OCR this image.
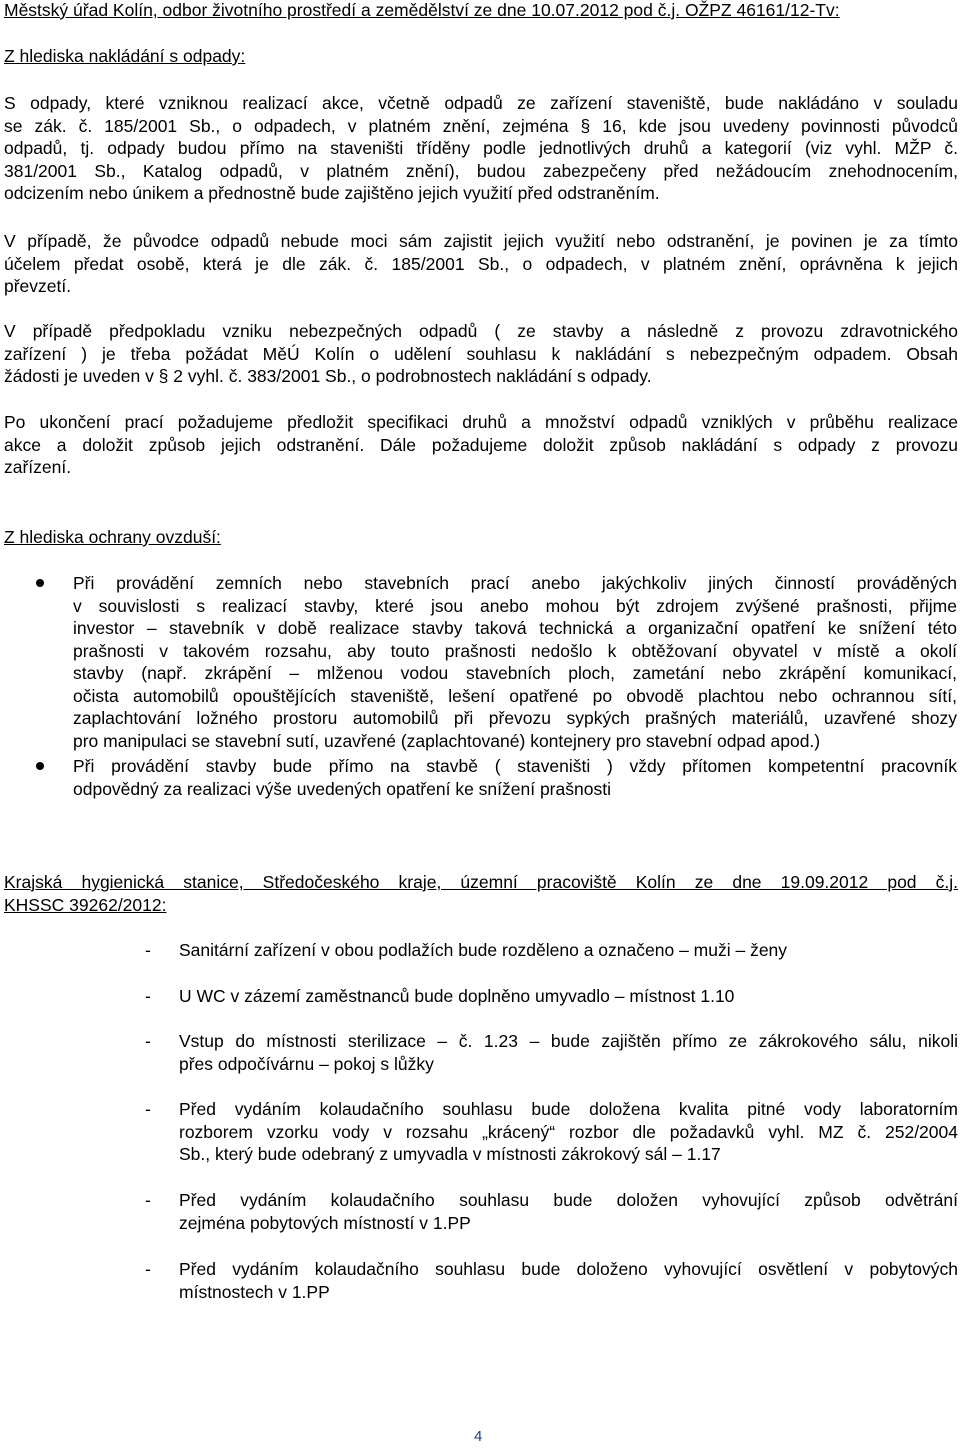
Městský úřad Kolín, odbor životního prostředí a zemědělství ze dne 10.07.2012 pod č.j. OŽPZ 46161/12-Tv:
Z hlediska nakládání s odpady:
S odpady, které vzniknou realizací akce, včetně odpadů ze zařízení staveniště, bude nakládáno v souladu
se zák. č. 185/2001 Sb., o odpadech, v platném znění, zejména § 16, kde jsou uvedeny povinnosti původců
odpadů, tj. odpady budou přímo na staveništi tříděny podle jednotlivých druhů a kategorií (viz vyhl. MŽP č.
381/2001 Sb., Katalog odpadů, v platném znění), budou zabezpečeny před nežádoucím znehodnocením,
odcizením nebo únikem a přednostně bude zajištěno jejich využití před odstraněním.
V případě, že původce odpadů nebude moci sám zajistit jejich využití nebo odstranění, je povinen je za tímto
účelem předat osobě, která je dle zák. č. 185/2001 Sb., o odpadech, v platném znění, oprávněna k jejich
převzetí.
V případě předpokladu vzniku nebezpečných odpadů ( ze stavby a následně z provozu zdravotnického
zařízení ) je třeba požádat MěÚ Kolín o udělení souhlasu k nakládání s nebezpečným odpadem. Obsah
žádosti je uveden v § 2 vyhl. č. 383/2001 Sb., o podrobnostech nakládání s odpady.
Po ukončení prací požadujeme předložit specifikaci druhů a množství odpadů vzniklých v průběhu realizace
akce a doložit způsob jejich odstranění. Dále požadujeme doložit způsob nakládání s odpady z provozu
zařízení.
Z hlediska ochrany ovzduší:
Při provádění zemních nebo stavebních prací anebo jakýchkoliv jiných činností prováděných
v souvislosti s realizací stavby, které jsou anebo mohou být zdrojem zvýšené prašnosti, přijme
investor – stavebník v době realizace stavby taková technická a organizační opatření ke snížení této
prašnosti v takovém rozsahu, aby touto prašnosti nedošlo k obtěžovaní obyvatel v místě a okolí
stavby (např. zkrápění – mlženou vodou stavebních ploch, zametání nebo zkrápění komunikací,
očista automobilů opouštějících staveniště, lešení opatřené po obvodě plachtou nebo ochrannou sítí,
zaplachtování ložného prostoru automobilů při převozu sypkých prašných materiálů, uzavřené shozy
pro manipulaci se stavební sutí, uzavřené (zaplachtované) kontejnery pro stavební odpad apod.)
Při provádění stavby bude přímo na stavbě ( staveništi ) vždy přítomen kompetentní pracovník
odpovědný za realizaci výše uvedených opatření ke snížení prašnosti
Krajská hygienická stanice, Středočeského kraje, územní pracoviště Kolín ze dne 19.09.2012 pod č.j.
KHSSC 39262/2012:
- Sanitární zařízení v obou podlažích bude rozděleno a označeno – muži – ženy
- U WC v zázemí zaměstnanců bude doplněno umyvadlo – místnost 1.10
- Vstup do místnosti sterilizace – č. 1.23 – bude zajištěn přímo ze zákrokového sálu, nikoli
přes odpočívárnu – pokoj s lůžky
- Před vydáním kolaudačního souhlasu bude doložena kvalita pitné vody laboratorním
rozborem vzorku vody v rozsahu „krácený“ rozbor dle požadavků vyhl. MZ č. 252/2004
Sb., který bude odebraný z umyvadla v místnosti zákrokový sál – 1.17
- Před vydáním kolaudačního souhlasu bude doložen vyhovující způsob odvětrání
zejména pobytových místností v 1.PP
- Před vydáním kolaudačního souhlasu bude doloženo vyhovující osvětlení v pobytových
místnostech v 1.PP
4
